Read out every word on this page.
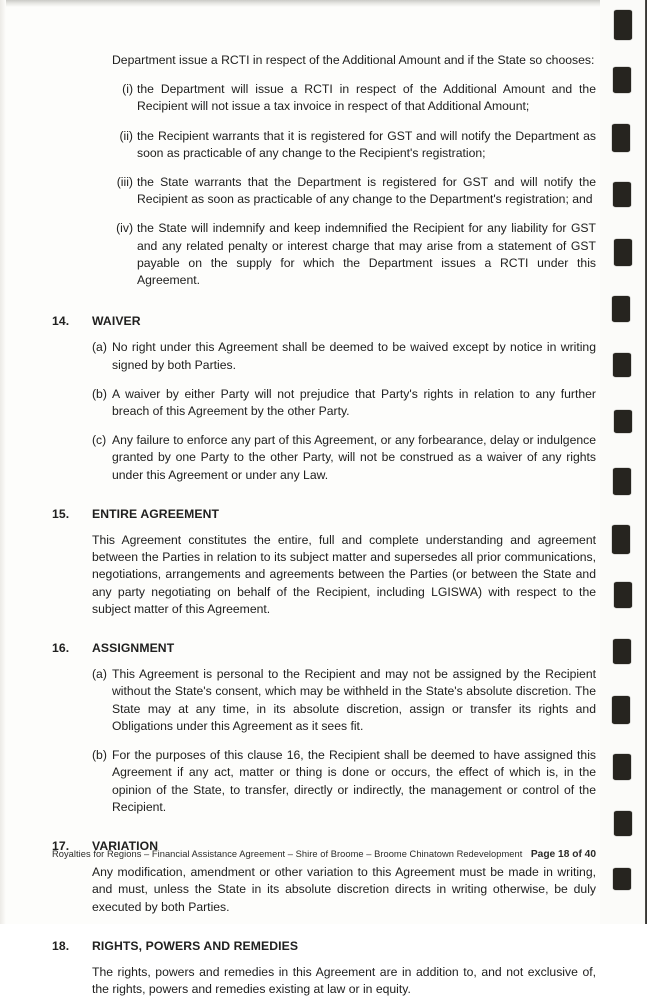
Department issue a RCTI in respect of the Additional Amount and if the State so chooses:

(i) the Department will issue a RCTI in respect of the Additional Amount and the Recipient will not issue a tax invoice in respect of that Additional Amount;
(ii) the Recipient warrants that it is registered for GST and will notify the Department as soon as practicable of any change to the Recipient's registration;
(iii) the State warrants that the Department is registered for GST and will notify the Recipient as soon as practicable of any change to the Department's registration; and
(iv) the State will indemnify and keep indemnified the Recipient for any liability for GST and any related penalty or interest charge that may arise from a statement of GST payable on the supply for which the Department issues a RCTI under this Agreement.
14.	WAIVER
(a) No right under this Agreement shall be deemed to be waived except by notice in writing signed by both Parties.
(b) A waiver by either Party will not prejudice that Party's rights in relation to any further breach of this Agreement by the other Party.
(c) Any failure to enforce any part of this Agreement, or any forbearance, delay or indulgence granted by one Party to the other Party, will not be construed as a waiver of any rights under this Agreement or under any Law.
15.	ENTIRE AGREEMENT

This Agreement constitutes the entire, full and complete understanding and agreement between the Parties in relation to its subject matter and supersedes all prior communications, negotiations, arrangements and agreements between the Parties (or between the State and any party negotiating on behalf of the Recipient, including LGISWA) with respect to the subject matter of this Agreement.

16.	ASSIGNMENT
(a) This Agreement is personal to the Recipient and may not be assigned by the Recipient without the State's consent, which may be withheld in the State's absolute discretion. The State may at any time, in its absolute discretion, assign or transfer its rights and Obligations under this Agreement as it sees fit.
(b) For the purposes of this clause 16, the Recipient shall be deemed to have assigned this Agreement if any act, matter or thing is done or occurs, the effect of which is, in the opinion of the State, to transfer, directly or indirectly, the management or control of the Recipient.
17.	VARIATION

Any modification, amendment or other variation to this Agreement must be made in writing, and must, unless the State in its absolute discretion directs in writing otherwise, be duly executed by both Parties.

18.	RIGHTS, POWERS AND REMEDIES

The rights, powers and remedies in this Agreement are in addition to, and not exclusive of, the rights, powers and remedies existing at law or in equity.

Royalties for Regions – Financial Assistance Agreement – Shire of Broome – Broome Chinatown Redevelopment Page 18 of 40
